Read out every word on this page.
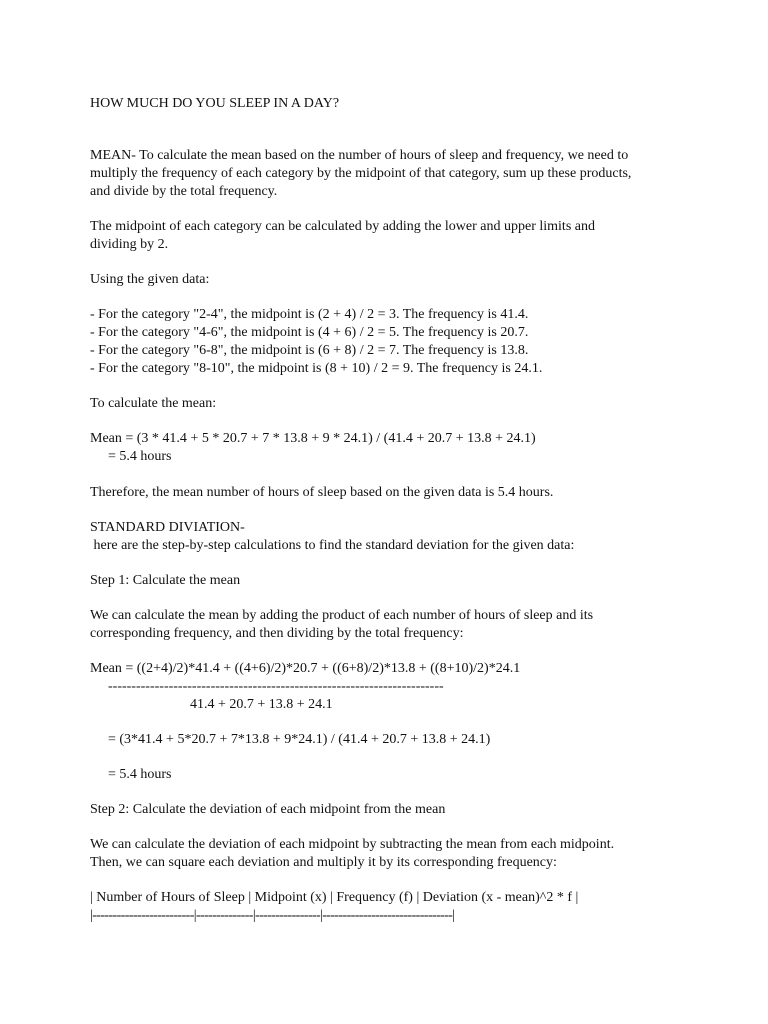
HOW MUCH DO YOU SLEEP IN A DAY?
MEAN- To calculate the mean based on the number of hours of sleep and frequency, we need to
multiply the frequency of each category by the midpoint of that category, sum up these products,
and divide by the total frequency.
The midpoint of each category can be calculated by adding the lower and upper limits and
dividing by 2.
Using the given data:
- For the category "2-4", the midpoint is (2 + 4) / 2 = 3. The frequency is 41.4.
- For the category "4-6", the midpoint is (4 + 6) / 2 = 5. The frequency is 20.7.
- For the category "6-8", the midpoint is (6 + 8) / 2 = 7. The frequency is 13.8.
- For the category "8-10", the midpoint is (8 + 10) / 2 = 9. The frequency is 24.1.
To calculate the mean:
Mean = (3 * 41.4 + 5 * 20.7 + 7 * 13.8 + 9 * 24.1) / (41.4 + 20.7 + 13.8 + 24.1)
= 5.4 hours
Therefore, the mean number of hours of sleep based on the given data is 5.4 hours.
STANDARD DIVIATION-
here are the step-by-step calculations to find the standard deviation for the given data:
Step 1: Calculate the mean
We can calculate the mean by adding the product of each number of hours of sleep and its
corresponding frequency, and then dividing by the total frequency:
Mean = ((2+4)/2)*41.4 + ((4+6)/2)*20.7 + ((6+8)/2)*13.8 + ((8+10)/2)*24.1
------------------------------------------------------------------------
41.4 + 20.7 + 13.8 + 24.1
= (3*41.4 + 5*20.7 + 7*13.8 + 9*24.1) / (41.4 + 20.7 + 13.8 + 24.1)
= 5.4 hours
Step 2: Calculate the deviation of each midpoint from the mean
We can calculate the deviation of each midpoint by subtracting the mean from each midpoint.
Then, we can square each deviation and multiply it by its corresponding frequency:
| Number of Hours of Sleep | Midpoint (x) | Frequency (f) | Deviation (x - mean)^2 * f |
|-------------------------|--------------|----------------|--------------------------------|
